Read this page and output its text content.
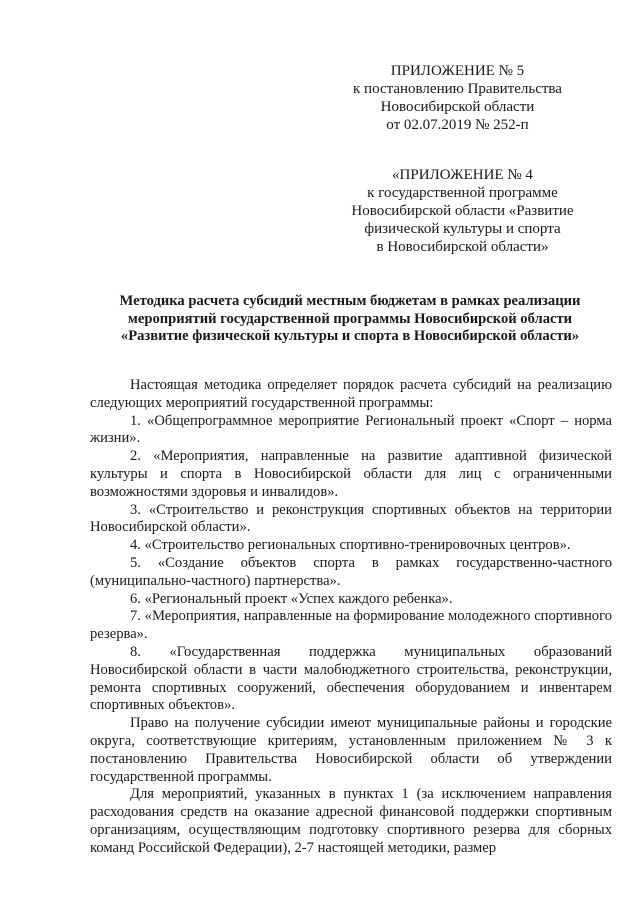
ПРИЛОЖЕНИЕ № 5
к постановлению Правительства
Новосибирской области
от 02.07.2019 № 252-п
«ПРИЛОЖЕНИЕ № 4
к государственной программе
Новосибирской области «Развитие
физической культуры и спорта
в Новосибирской области»
Методика расчета субсидий местным бюджетам в рамках реализации
мероприятий государственной программы Новосибирской области
«Развитие физической культуры и спорта в Новосибирской области»

Настоящая методика определяет порядок расчета субсидий на реализацию следующих мероприятий государственной программы:

1. «Общепрограммное мероприятие Региональный проект «Спорт – норма жизни».

2. «Мероприятия, направленные на развитие адаптивной физической культуры и спорта в Новосибирской области для лиц с ограниченными возможностями здоровья и инвалидов».

3. «Строительство и реконструкция спортивных объектов на территории Новосибирской области».

4. «Строительство региональных спортивно-тренировочных центров».

5. «Создание объектов спорта в рамках государственно-частного (муниципально-частного) партнерства».

6. «Региональный проект «Успех каждого ребенка».

7. «Мероприятия, направленные на формирование молодежного спортивного резерва».

8. «Государственная поддержка муниципальных образований Новосибирской области в части малобюджетного строительства, реконструкции, ремонта спортивных сооружений, обеспечения оборудованием и инвентарем спортивных объектов».

Право на получение субсидии имеют муниципальные районы и городские округа, соответствующие критериям, установленным приложением № 3 к постановлению Правительства Новосибирской области об утверждении государственной программы.

Для мероприятий, указанных в пунктах 1 (за исключением направления расходования средств на оказание адресной финансовой поддержки спортивным организациям, осуществляющим подготовку спортивного резерва для сборных команд Российской Федерации), 2-7 настоящей методики, размер
